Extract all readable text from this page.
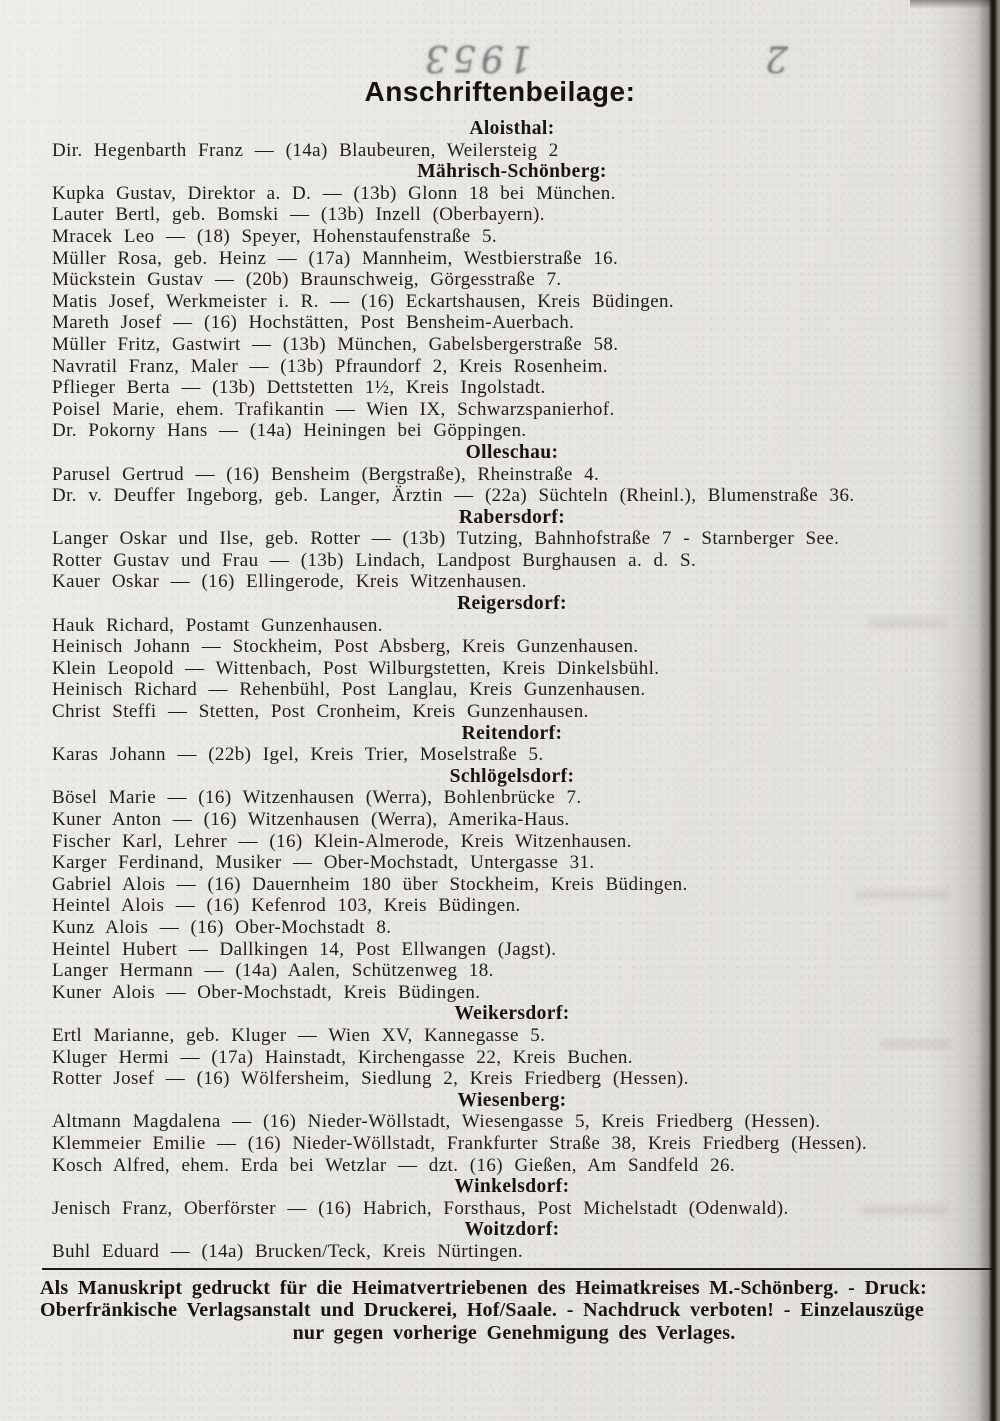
2
1953
Anschriftenbeilage:
Aloisthal:
Dir. Hegenbarth Franz — (14a) Blaubeuren, Weilersteig 2
Mährisch-Schönberg:
Kupka Gustav, Direktor a. D. — (13b) Glonn 18 bei München.
Lauter Bertl, geb. Bomski — (13b) Inzell (Oberbayern).
Mracek Leo — (18) Speyer, Hohenstaufenstraße 5.
Müller Rosa, geb. Heinz — (17a) Mannheim, Westbierstraße 16.
Mückstein Gustav — (20b) Braunschweig, Görgesstraße 7.
Matis Josef, Werkmeister i. R. — (16) Eckartshausen, Kreis Büdingen.
Mareth Josef — (16) Hochstätten, Post Bensheim-Auerbach.
Müller Fritz, Gastwirt — (13b) München, Gabelsbergerstraße 58.
Navratil Franz, Maler — (13b) Pfraundorf 2, Kreis Rosenheim.
Pflieger Berta — (13b) Dettstetten 1½, Kreis Ingolstadt.
Poisel Marie, ehem. Trafikantin — Wien IX, Schwarzspanierhof.
Dr. Pokorny Hans — (14a) Heiningen bei Göppingen.
Olleschau:
Parusel Gertrud — (16) Bensheim (Bergstraße), Rheinstraße 4.
Dr. v. Deuffer Ingeborg, geb. Langer, Ärztin — (22a) Süchteln (Rheinl.), Blumenstraße 36.
Rabersdorf:
Langer Oskar und Ilse, geb. Rotter — (13b) Tutzing, Bahnhofstraße 7 - Starnberger See.
Rotter Gustav und Frau — (13b) Lindach, Landpost Burghausen a. d. S.
Kauer Oskar — (16) Ellingerode, Kreis Witzenhausen.
Reigersdorf:
Hauk Richard, Postamt Gunzenhausen.
Heinisch Johann — Stockheim, Post Absberg, Kreis Gunzenhausen.
Klein Leopold — Wittenbach, Post Wilburgstetten, Kreis Dinkelsbühl.
Heinisch Richard — Rehenbühl, Post Langlau, Kreis Gunzenhausen.
Christ Steffi — Stetten, Post Cronheim, Kreis Gunzenhausen.
Reitendorf:
Karas Johann — (22b) Igel, Kreis Trier, Moselstraße 5.
Schlögelsdorf:
Bösel Marie — (16) Witzenhausen (Werra), Bohlenbrücke 7.
Kuner Anton — (16) Witzenhausen (Werra), Amerika-Haus.
Fischer Karl, Lehrer — (16) Klein-Almerode, Kreis Witzenhausen.
Karger Ferdinand, Musiker — Ober-Mochstadt, Untergasse 31.
Gabriel Alois — (16) Dauernheim 180 über Stockheim, Kreis Büdingen.
Heintel Alois — (16) Kefenrod 103, Kreis Büdingen.
Kunz Alois — (16) Ober-Mochstadt 8.
Heintel Hubert — Dallkingen 14, Post Ellwangen (Jagst).
Langer Hermann — (14a) Aalen, Schützenweg 18.
Kuner Alois — Ober-Mochstadt, Kreis Büdingen.
Weikersdorf:
Ertl Marianne, geb. Kluger — Wien XV, Kannegasse 5.
Kluger Hermi — (17a) Hainstadt, Kirchengasse 22, Kreis Buchen.
Rotter Josef — (16) Wölfersheim, Siedlung 2, Kreis Friedberg (Hessen).
Wiesenberg:
Altmann Magdalena — (16) Nieder-Wöllstadt, Wiesengasse 5, Kreis Friedberg (Hessen).
Klemmeier Emilie — (16) Nieder-Wöllstadt, Frankfurter Straße 38, Kreis Friedberg (Hessen).
Kosch Alfred, ehem. Erda bei Wetzlar — dzt. (16) Gießen, Am Sandfeld 26.
Winkelsdorf:
Jenisch Franz, Oberförster — (16) Habrich, Forsthaus, Post Michelstadt (Odenwald).
Woitzdorf:
Buhl Eduard — (14a) Brucken/Teck, Kreis Nürtingen.
Als Manuskript gedruckt für die Heimatvertriebenen des Heimatkreises M.-Schönberg. - Druck:
Oberfränkische Verlagsanstalt und Druckerei, Hof/Saale. - Nachdruck verboten! - Einzelauszüge
nur gegen vorherige Genehmigung des Verlages.
